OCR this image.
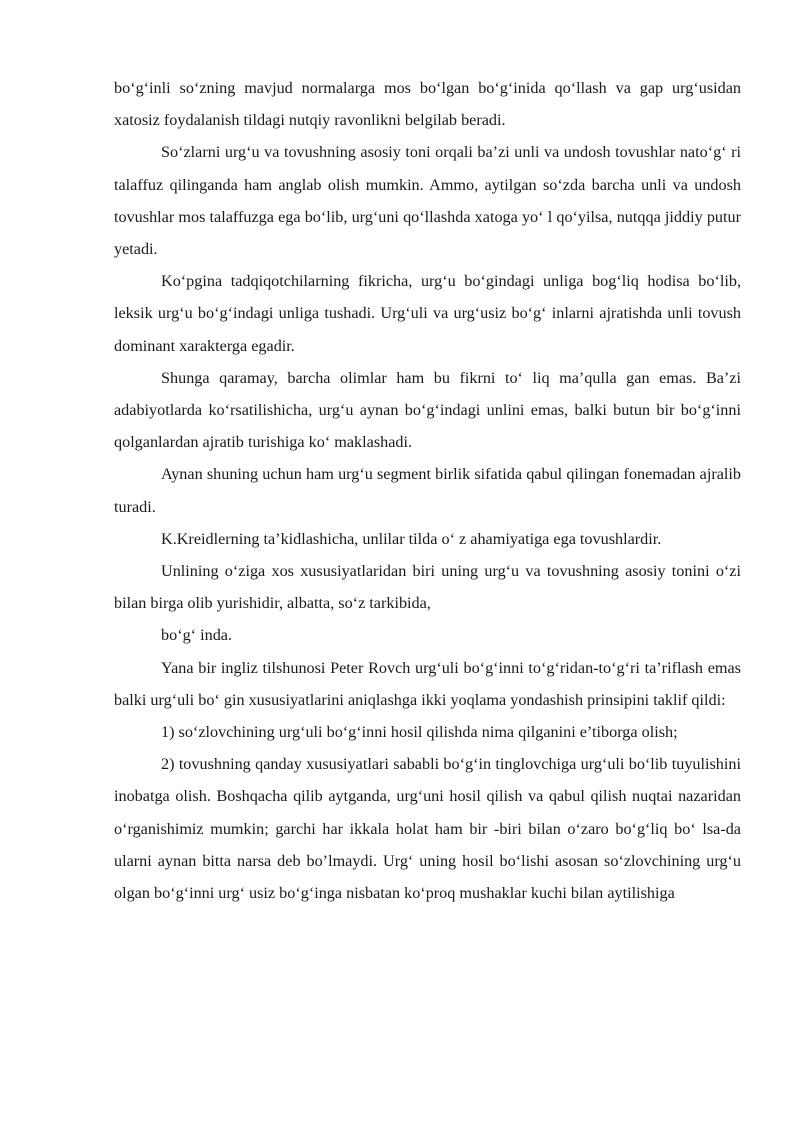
bo‘g‘inli so‘zning mavjud normalarga mos bo‘lgan bo‘g‘inida qo‘llash va gap urg‘usidan xatosiz foydalanish tildagi nutqiy ravonlikni belgilab beradi.

So‘zlarni urg‘u va tovushning asosiy toni orqali ba’zi unli va undosh tovushlar nato‘g‘ ri talaffuz qilinganda ham anglab olish mumkin. Ammo, aytilgan so‘zda barcha unli va undosh tovushlar mos talaffuzga ega bo‘lib, urg‘uni qo‘llashda xatoga yo‘ l qo‘yilsa, nutqqa jiddiy putur yetadi.

Ko‘pgina tadqiqotchilarning fikricha, urg‘u bo‘gindagi unliga bog‘liq hodisa bo‘lib, leksik urg‘u bo‘g‘indagi unliga tushadi. Urg‘uli va urg‘usiz bo‘g‘ inlarni ajratishda unli tovush dominant xarakterga egadir.

Shunga qaramay, barcha olimlar ham bu fikrni to‘ liq ma’qulla gan emas. Ba’zi adabiyotlarda ko‘rsatilishicha, urg‘u aynan bo‘g‘indagi unlini emas, balki butun bir bo‘g‘inni qolganlardan ajratib turishiga ko‘ maklashadi.

Aynan shuning uchun ham urg‘u segment birlik sifatida qabul qilingan fonemadan ajralib turadi.

K.Kreidlerning ta’kidlashicha, unlilar tilda o‘ z ahamiyatiga ega tovushlardir.

Unlining o‘ziga xos xususiyatlaridan biri uning urg‘u va tovushning asosiy tonini o‘zi bilan birga olib yurishidir, albatta, so‘z tarkibida,

bo‘g‘ inda.

Yana bir ingliz tilshunosi Peter Rovch urg‘uli bo‘g‘inni to‘g‘ridan-to‘g‘ri ta’riflash emas balki urg‘uli bo‘ gin xususiyatlarini aniqlashga ikki yoqlama yondashish prinsipini taklif qildi:

1) so‘zlovchining urg‘uli bo‘g‘inni hosil qilishda nima qilganini e’tiborga olish;

2) tovushning qanday xususiyatlari sababli bo‘g‘in tinglovchiga urg‘uli bo‘lib tuyulishini inobatga olish. Boshqacha qilib aytganda, urg‘uni hosil qilish va qabul qilish nuqtai nazaridan o‘rganishimiz mumkin; garchi har ikkala holat ham bir -biri bilan o‘zaro bo‘g‘liq bo‘ lsa-da ularni aynan bitta narsa deb bo’lmaydi. Urg‘ uning hosil bo‘lishi asosan so‘zlovchining urg‘u olgan bo‘g‘inni urg‘ usiz bo‘g‘inga nisbatan ko‘proq mushaklar kuchi bilan aytilishiga
